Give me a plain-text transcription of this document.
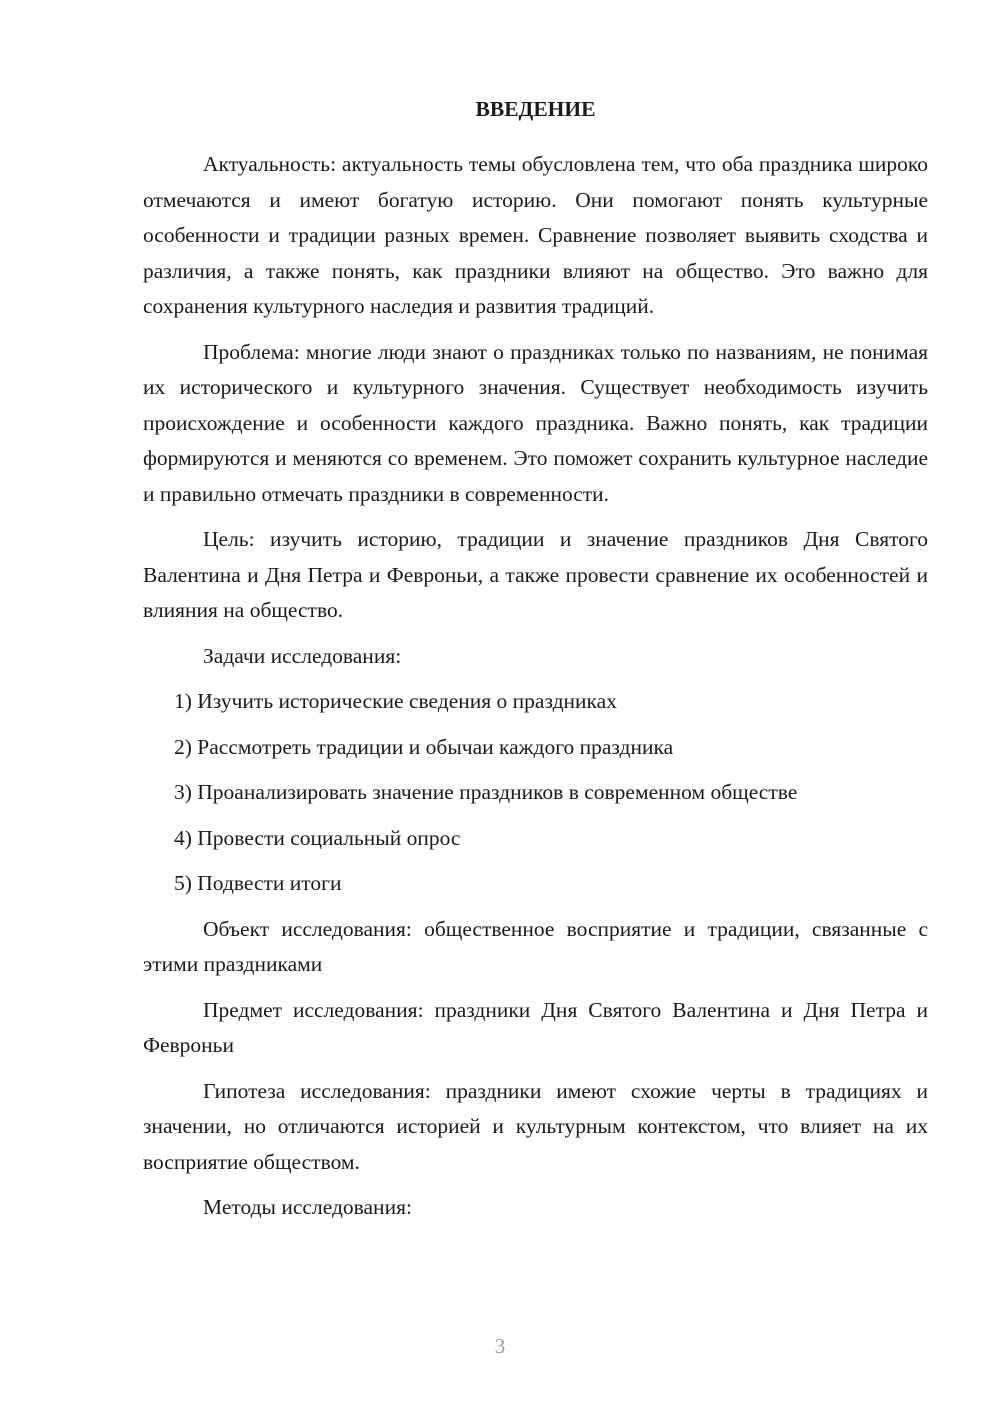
ВВЕДЕНИЕ

Актуальность: актуальность темы обусловлена тем, что оба праздника широко отмечаются и имеют богатую историю. Они помогают понять культурные особенности и традиции разных времен. Сравнение позволяет выявить сходства и различия, а также понять, как праздники влияют на общество. Это важно для сохранения культурного наследия и развития традиций.

Проблема: многие люди знают о праздниках только по названиям, не понимая их исторического и культурного значения. Существует необходимость изучить происхождение и особенности каждого праздника. Важно понять, как традиции формируются и меняются со временем. Это поможет сохранить культурное наследие и правильно отмечать праздники в современности.

Цель: изучить историю, традиции и значение праздников Дня Святого Валентина и Дня Петра и Февроньи, а также провести сравнение их особенностей и влияния на общество.

Задачи исследования:

1) Изучить исторические сведения о праздниках

2) Рассмотреть традиции и обычаи каждого праздника

3) Проанализировать значение праздников в современном обществе

4) Провести социальный опрос

5) Подвести итоги

Объект исследования: общественное восприятие и традиции, связанные с этими праздниками

Предмет исследования: праздники Дня Святого Валентина и Дня Петра и Февроньи

Гипотеза исследования: праздники имеют схожие черты в традициях и значении, но отличаются историей и культурным контекстом, что влияет на их восприятие обществом.

Методы исследования:

3
